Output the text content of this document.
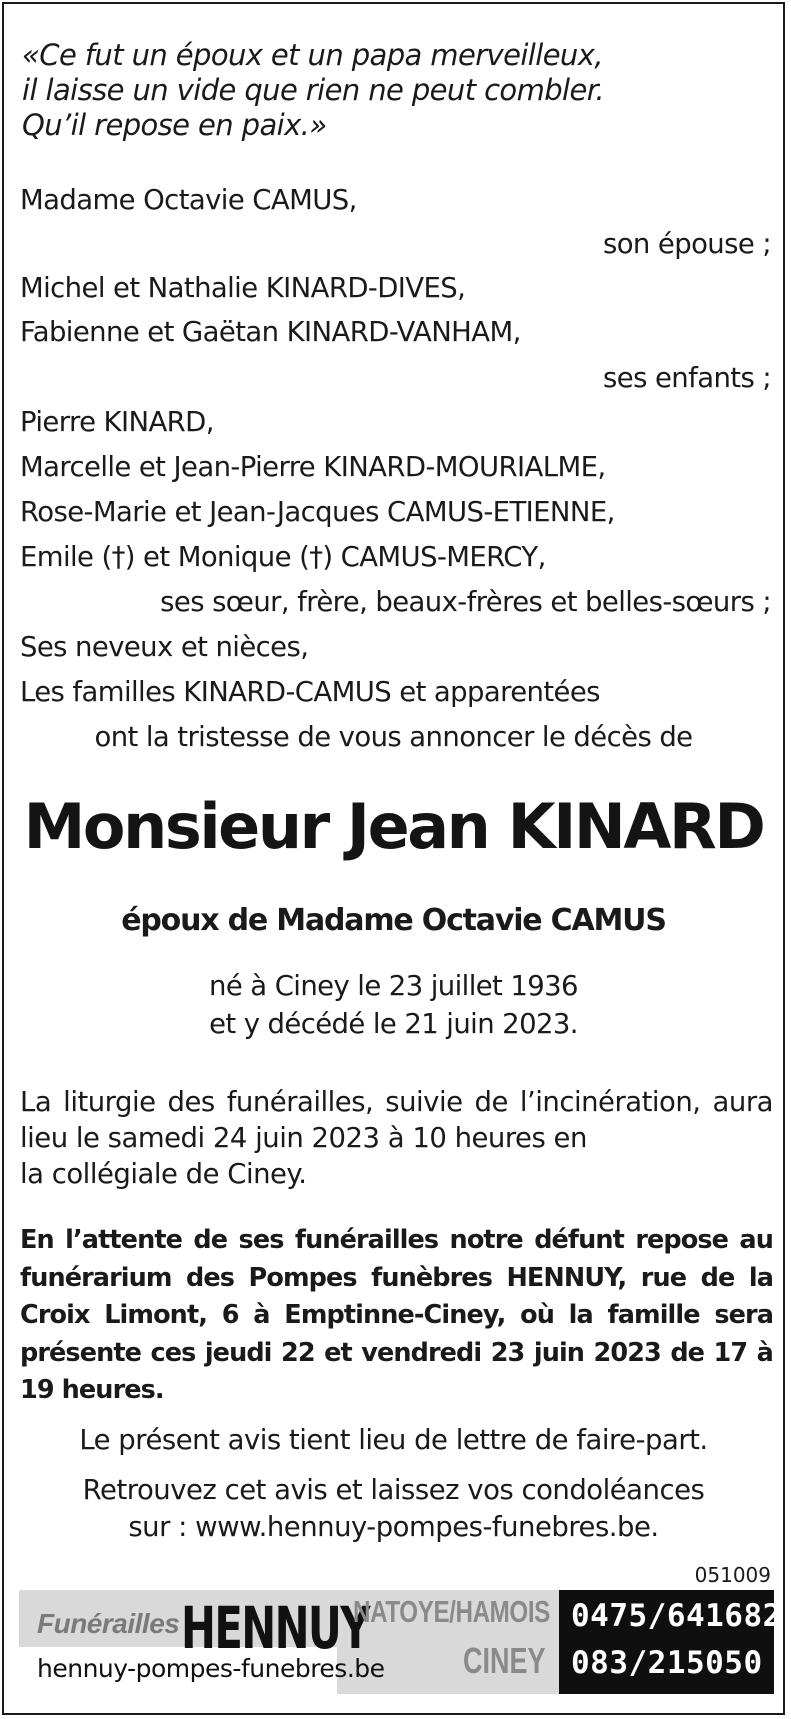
«Ce fut un époux et un papa merveilleux,
il laisse un vide que rien ne peut combler.
Qu’il repose en paix.»
Madame Octavie CAMUS,
son épouse ;
Michel et Nathalie KINARD-DIVES,
Fabienne et Gaëtan KINARD-VANHAM,
ses enfants ;
Pierre KINARD,
Marcelle et Jean-Pierre KINARD-MOURIALME,
Rose-Marie et Jean-Jacques CAMUS-ETIENNE,
Emile (†) et Monique (†) CAMUS-MERCY,
ses sœur, frère, beaux-frères et belles-sœurs ;
Ses neveux et nièces,
Les familles KINARD-CAMUS et apparentées
ont la tristesse de vous annoncer le décès de
Monsieur Jean KINARD
époux de Madame Octavie CAMUS
né à Ciney le 23 juillet 1936
et y décédé le 21 juin 2023.
La liturgie des funérailles, suivie de l’incinération, aura lieu le samedi 24 juin 2023 à 10 heures en
la collégiale de Ciney.
En l’attente de ses funérailles notre défunt repose au
funérarium des Pompes funèbres HENNUY, rue de la
Croix Limont, 6 à Emptinne-Ciney, où la famille sera
présente ces jeudi 22 et vendredi 23 juin 2023 de 17 à
19 heures.
Le présent avis tient lieu de lettre de faire-part.
Retrouvez cet avis et laissez vos condoléances
sur : www.hennuy-pompes-funebres.be.
051009
Funérailles HENNUY
NATOYE/HAMOIS
CINEY
hennuy-pompes-funebres.be
0475/641682
083/215050
